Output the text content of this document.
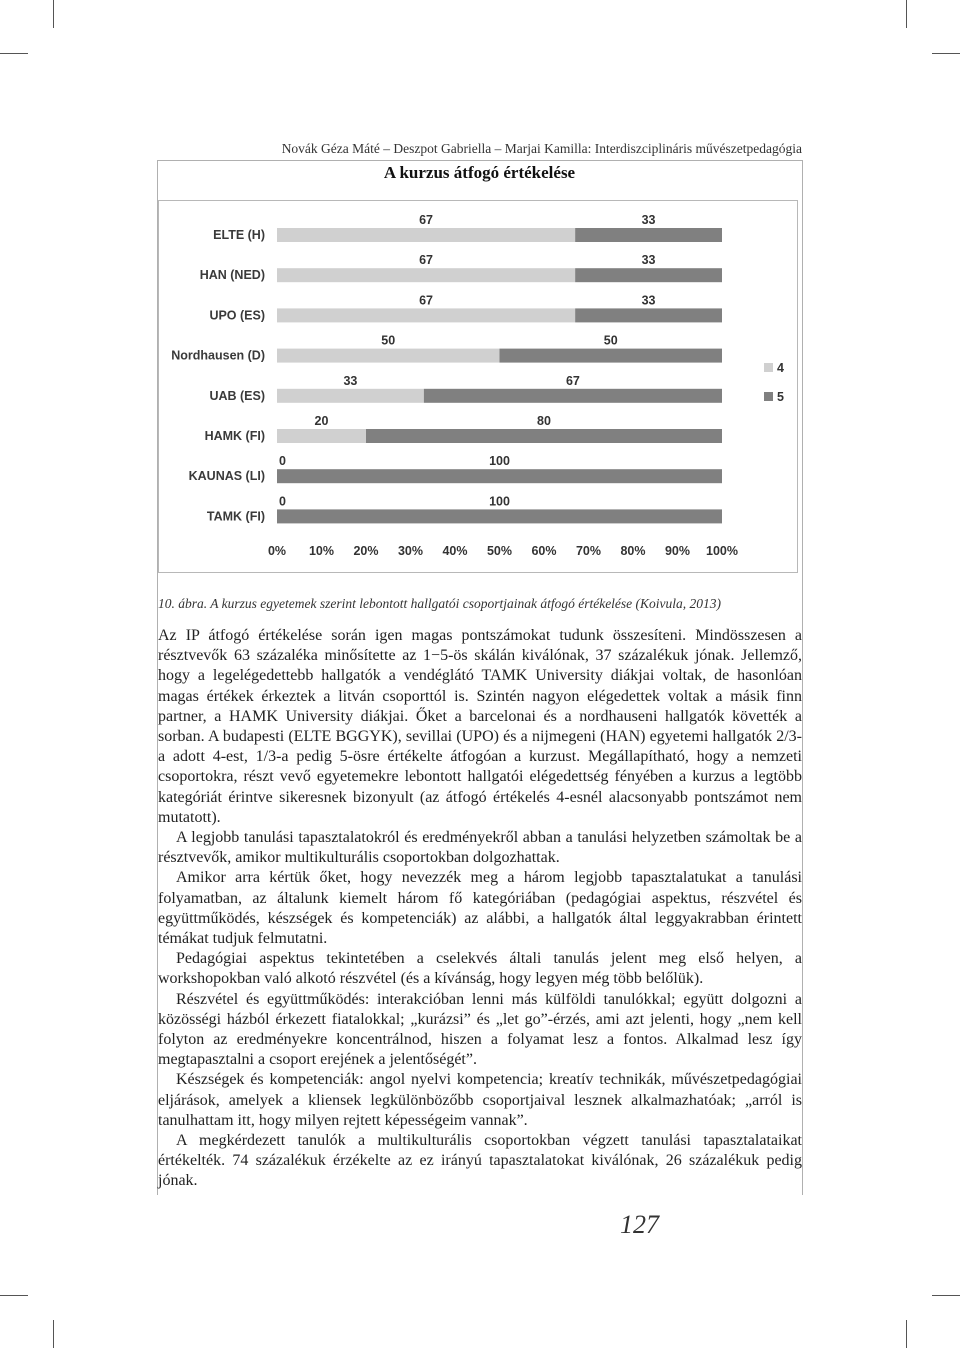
Novák Géza Máté – Deszpot Gabriella – Marjai Kamilla: Interdiszciplináris művészetpedagógia
A kurzus átfogó értékelése
ELTE (H)
67	33
HAN (NED)
67	33
UPO (ES)
67	33
Nordhausen (D)
50	50
UAB (ES)
33	67
HAMK (FI)
20	80
KAUNAS (LI)
0	100
TAMK (FI)
0	100
0% 10% 20% 30% 40% 50% 60% 70% 80% 90% 100%
4
5
10. ábra. A kurzus egyetemek szerint lebontott hallgatói csoportjainak átfogó értékelése (Koivula, 2013)

Az IP átfogó értékelése során igen magas pontszámokat tudunk összesíteni. Mindösszesen a résztvevők 63 százaléka minősítette az 1−5-ös skálán kiválónak, 37 százalékuk jónak. Jellemző, hogy a legelégedettebb hallgatók a vendéglátó TAMK University diákjai voltak, de hasonlóan magas értékek érkeztek a litván csoporttól is. Szintén nagyon elégedettek voltak a másik finn partner, a HAMK University diákjai. Őket a barcelonai és a nordhauseni hallgatók követték a sorban. A budapesti (ELTE BGGYK), sevillai (UPO) és a nijmegeni (HAN) egyetemi hallgatók 2/3-a adott 4-est, 1/3-a pedig 5-ösre értékelte átfogóan a kurzust. Megállapítható, hogy a nemzeti csoportokra, részt vevő egyetemekre lebontott hallgatói elégedettség fényében a kurzus a legtöbb kategóriát érintve sikeresnek bizonyult (az átfogó értékelés 4-esnél alacsonyabb pontszámot nem mutatott).

A legjobb tanulási tapasztalatokról és eredményekről abban a tanulási helyzetben számoltak be a résztvevők, amikor multikulturális csoportokban dolgozhattak.

Amikor arra kértük őket, hogy nevezzék meg a három legjobb tapasztalatukat a tanulási folyamatban, az általunk kiemelt három fő kategóriában (pedagógiai aspektus, részvétel és együttműködés, készségek és kompetenciák) az alábbi, a hallgatók által leggyakrabban érintett témákat tudjuk felmutatni.

Pedagógiai aspektus tekintetében a cselekvés általi tanulás jelent meg első helyen, a workshopokban való alkotó részvétel (és a kívánság, hogy legyen még több belőlük).

Részvétel és együttműködés: interakcióban lenni más külföldi tanulókkal; együtt dolgozni a közösségi házból érkezett fiatalokkal; „kurázsi” és „let go”-érzés, ami azt jelenti, hogy „nem kell folyton az eredményekre koncentrálnod, hiszen a folyamat lesz a fontos. Alkalmad lesz így megtapasztalni a csoport erejének a jelentőségét”.

Készségek és kompetenciák: angol nyelvi kompetencia; kreatív technikák, művészetpedagógiai eljárások, amelyek a kliensek legkülönbözőbb csoportjaival lesznek alkalmazhatóak; „arról is tanulhattam itt, hogy milyen rejtett képességeim vannak”.

A megkérdezett tanulók a multikulturális csoportokban végzett tanulási tapasztalataikat értékelték. 74 százalékuk érzékelte az ez irányú tapasztalatokat kiválónak, 26 százalékuk pedig jónak.

127
